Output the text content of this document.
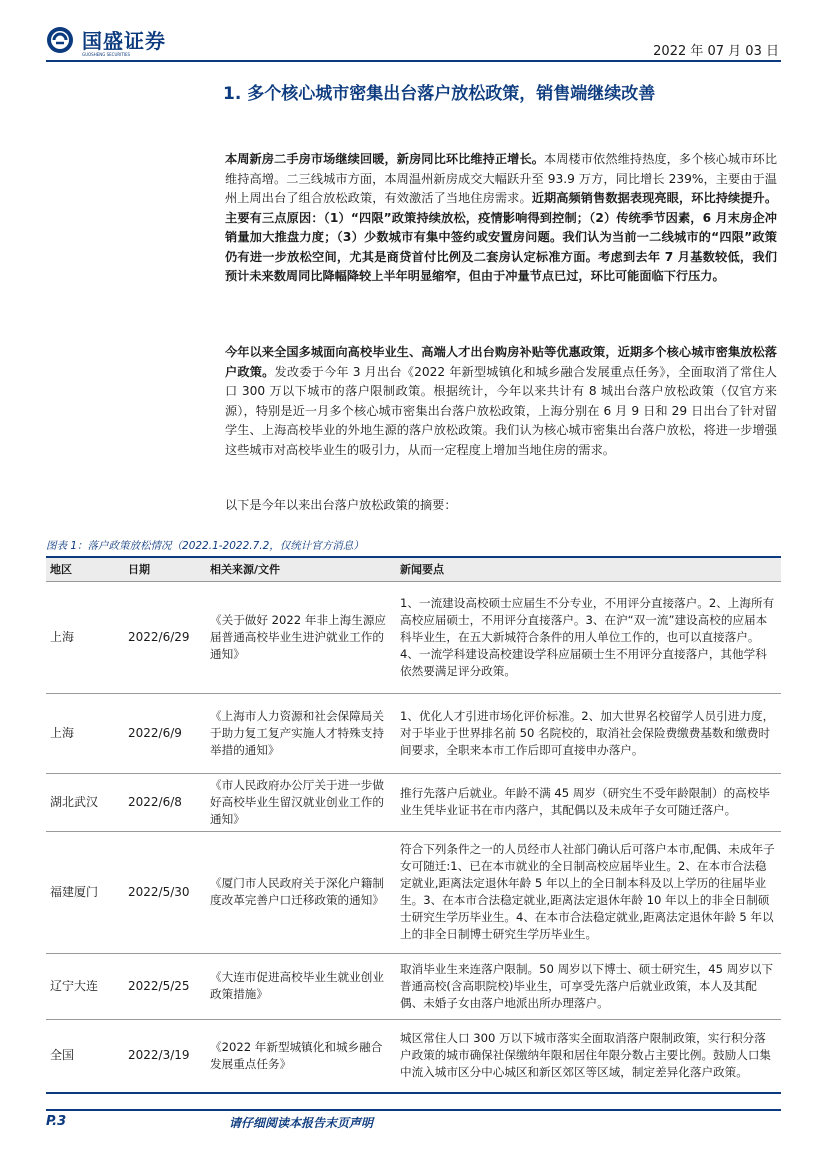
国盛证券
GUOSHENG SECURITIES	2022 年 07 月 03 日
1. 多个核心城市密集出台落户放松政策，销售端继续改善
本周新房二手房市场继续回暖，新房同比环比维持正增长。本周楼市依然维持热度，多个核心城市环比维持高增。二三线城市方面，本周温州新房成交大幅跃升至 93.9 万方，同比增长 239%，主要由于温州上周出台了组合放松政策，有效激活了当地住房需求。近期高频销售数据表现亮眼，环比持续提升。主要有三点原因：（1）“四限”政策持续放松，疫情影响得到控制；（2）传统季节因素，6 月末房企冲销量加大推盘力度；（3）少数城市有集中签约或安置房问题。我们认为当前一二线城市的“四限”政策仍有进一步放松空间，尤其是商贷首付比例及二套房认定标准方面。考虑到去年 7 月基数较低，我们预计未来数周同比降幅降较上半年明显缩窄，但由于冲量节点已过，环比可能面临下行压力。
今年以来全国多城面向高校毕业生、高端人才出台购房补贴等优惠政策，近期多个核心城市密集放松落户政策。发改委于今年 3 月出台《2022 年新型城镇化和城乡融合发展重点任务》，全面取消了常住人口 300 万以下城市的落户限制政策。根据统计，今年以来共计有 8 城出台落户放松政策（仅官方来源），特别是近一月多个核心城市密集出台落户放松政策，上海分别在 6 月 9 日和 29 日出台了针对留学生、上海高校毕业的外地生源的落户放松政策。我们认为核心城市密集出台落户放松，将进一步增强这些城市对高校毕业生的吸引力，从而一定程度上增加当地住房的需求。
以下是今年以来出台落户放松政策的摘要：
图表 1：落户政策放松情况（2022.1-2022.7.2，仅统计官方消息）
地区	日期	相关来源/文件	新闻要点
上海	2022/6/29	《关于做好 2022 年非上海生源应届普通高校毕业生进沪就业工作的通知》	1、一流建设高校硕士应届生不分专业，不用评分直接落户。2、上海所有高校应届硕士，不用评分直接落户。3、在沪“双一流”建设高校的应届本科毕业生，在五大新城符合条件的用人单位工作的，也可以直接落户。4、一流学科建设高校建设学科应届硕士生不用评分直接落户，其他学科依然要满足评分政策。
上海	2022/6/9	《上海市人力资源和社会保障局关于助力复工复产实施人才特殊支持举措的通知》	1、优化人才引进市场化评价标准。2、加大世界名校留学人员引进力度，对于毕业于世界排名前 50 名院校的，取消社会保险费缴费基数和缴费时间要求，全职来本市工作后即可直接申办落户。
湖北武汉	2022/6/8	《市人民政府办公厅关于进一步做好高校毕业生留汉就业创业工作的通知》	推行先落户后就业。年龄不满 45 周岁（研究生不受年龄限制）的高校毕业生凭毕业证书在市内落户，其配偶以及未成年子女可随迁落户。
福建厦门	2022/5/30	《厦门市人民政府关于深化户籍制度改革完善户口迁移政策的通知》	符合下列条件之一的人员经市人社部门确认后可落户本市,配偶、未成年子女可随迁:1、已在本市就业的全日制高校应届毕业生。2、在本市合法稳定就业,距离法定退休年龄 5 年以上的全日制本科及以上学历的往届毕业生。3、在本市合法稳定就业,距离法定退休年龄 10 年以上的非全日制硕士研究生学历毕业生。4、在本市合法稳定就业,距离法定退休年龄 5 年以上的非全日制博士研究生学历毕业生。
辽宁大连	2022/5/25	《大连市促进高校毕业生就业创业政策措施》	取消毕业生来连落户限制。50 周岁以下博士、硕士研究生，45 周岁以下普通高校(含高职院校)毕业生，可享受先落户后就业政策，本人及其配偶、未婚子女由落户地派出所办理落户。
全国	2022/3/19	《2022 年新型城镇化和城乡融合发展重点任务》	城区常住人口 300 万以下城市落实全面取消落户限制政策，实行积分落户政策的城市确保社保缴纳年限和居住年限分数占主要比例。鼓励人口集中流入城市区分中心城区和新区郊区等区域，制定差异化落户政策。
P.3	请仔细阅读本报告末页声明
